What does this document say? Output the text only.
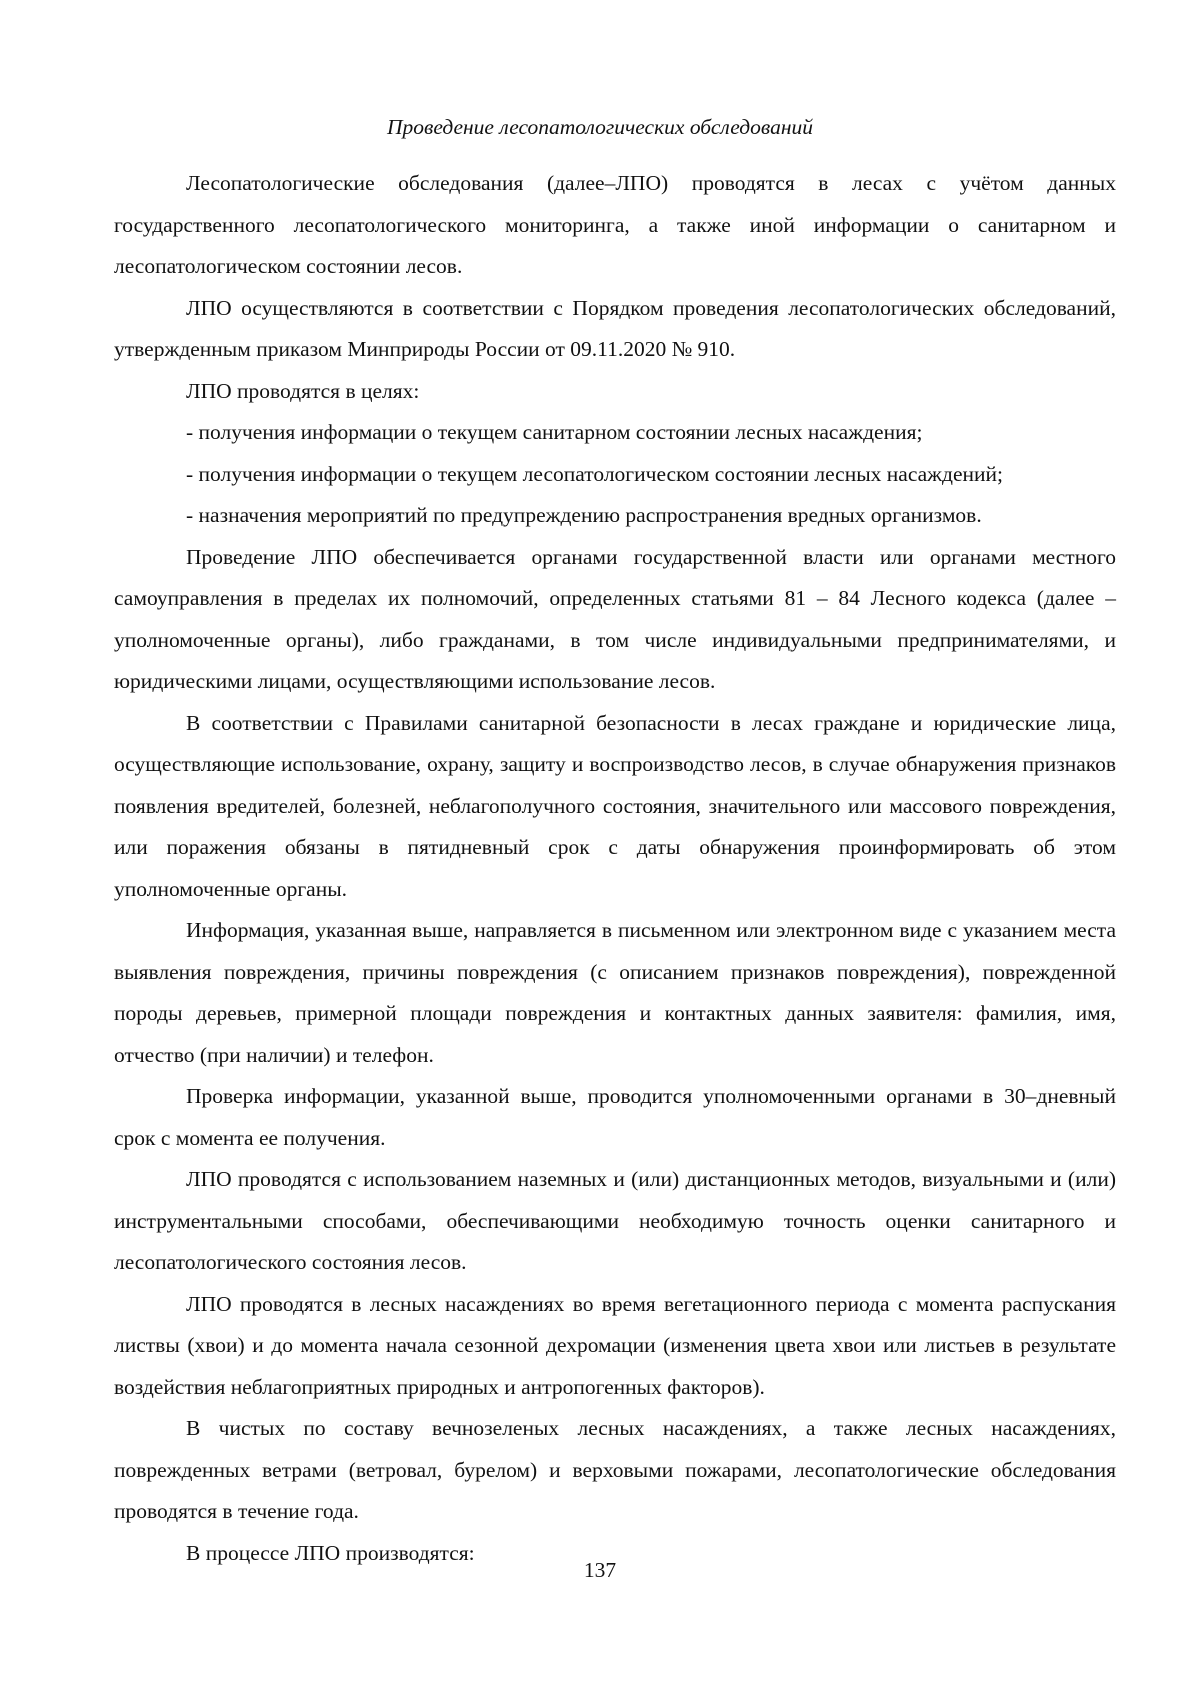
Проведение лесопатологических обследований

Лесопатологические обследования (далее–ЛПО) проводятся в лесах с учётом данных государственного лесопатологического мониторинга, а также иной информации о санитарном и лесопатологическом состоянии лесов.

ЛПО осуществляются в соответствии с Порядком проведения лесопатологических обследований, утвержденным приказом Минприроды России от 09.11.2020 № 910.

ЛПО проводятся в целях:

- получения информации о текущем санитарном состоянии лесных насаждения;

- получения информации о текущем лесопатологическом состоянии лесных насаждений;

- назначения мероприятий по предупреждению распространения вредных организмов.

Проведение ЛПО обеспечивается органами государственной власти или органами местного самоуправления в пределах их полномочий, определенных статьями 81 – 84 Лесного кодекса (далее – уполномоченные органы), либо гражданами, в том числе индивидуальными предпринимателями, и юридическими лицами, осуществляющими использование лесов.

В соответствии с Правилами санитарной безопасности в лесах граждане и юридические лица, осуществляющие использование, охрану, защиту и воспроизводство лесов, в случае обнаружения признаков появления вредителей, болезней, неблагополучного состояния, значительного или массового повреждения, или поражения обязаны в пятидневный срок с даты обнаружения проинформировать об этом уполномоченные органы.

Информация, указанная выше, направляется в письменном или электронном виде с указанием места выявления повреждения, причины повреждения (с описанием признаков повреждения), поврежденной породы деревьев, примерной площади повреждения и контактных данных заявителя: фамилия, имя, отчество (при наличии) и телефон.

Проверка информации, указанной выше, проводится уполномоченными органами в 30–дневный срок с момента ее получения.

ЛПО проводятся с использованием наземных и (или) дистанционных методов, визуальными и (или) инструментальными способами, обеспечивающими необходимую точность оценки санитарного и лесопатологического состояния лесов.

ЛПО проводятся в лесных насаждениях во время вегетационного периода с момента распускания листвы (хвои) и до момента начала сезонной дехромации (изменения цвета хвои или листьев в результате воздействия неблагоприятных природных и антропогенных факторов).

В чистых по составу вечнозеленых лесных насаждениях, а также лесных насаждениях, поврежденных ветрами (ветровал, бурелом) и верховыми пожарами, лесопатологические обследования проводятся в течение года.

В процессе ЛПО производятся:

137
